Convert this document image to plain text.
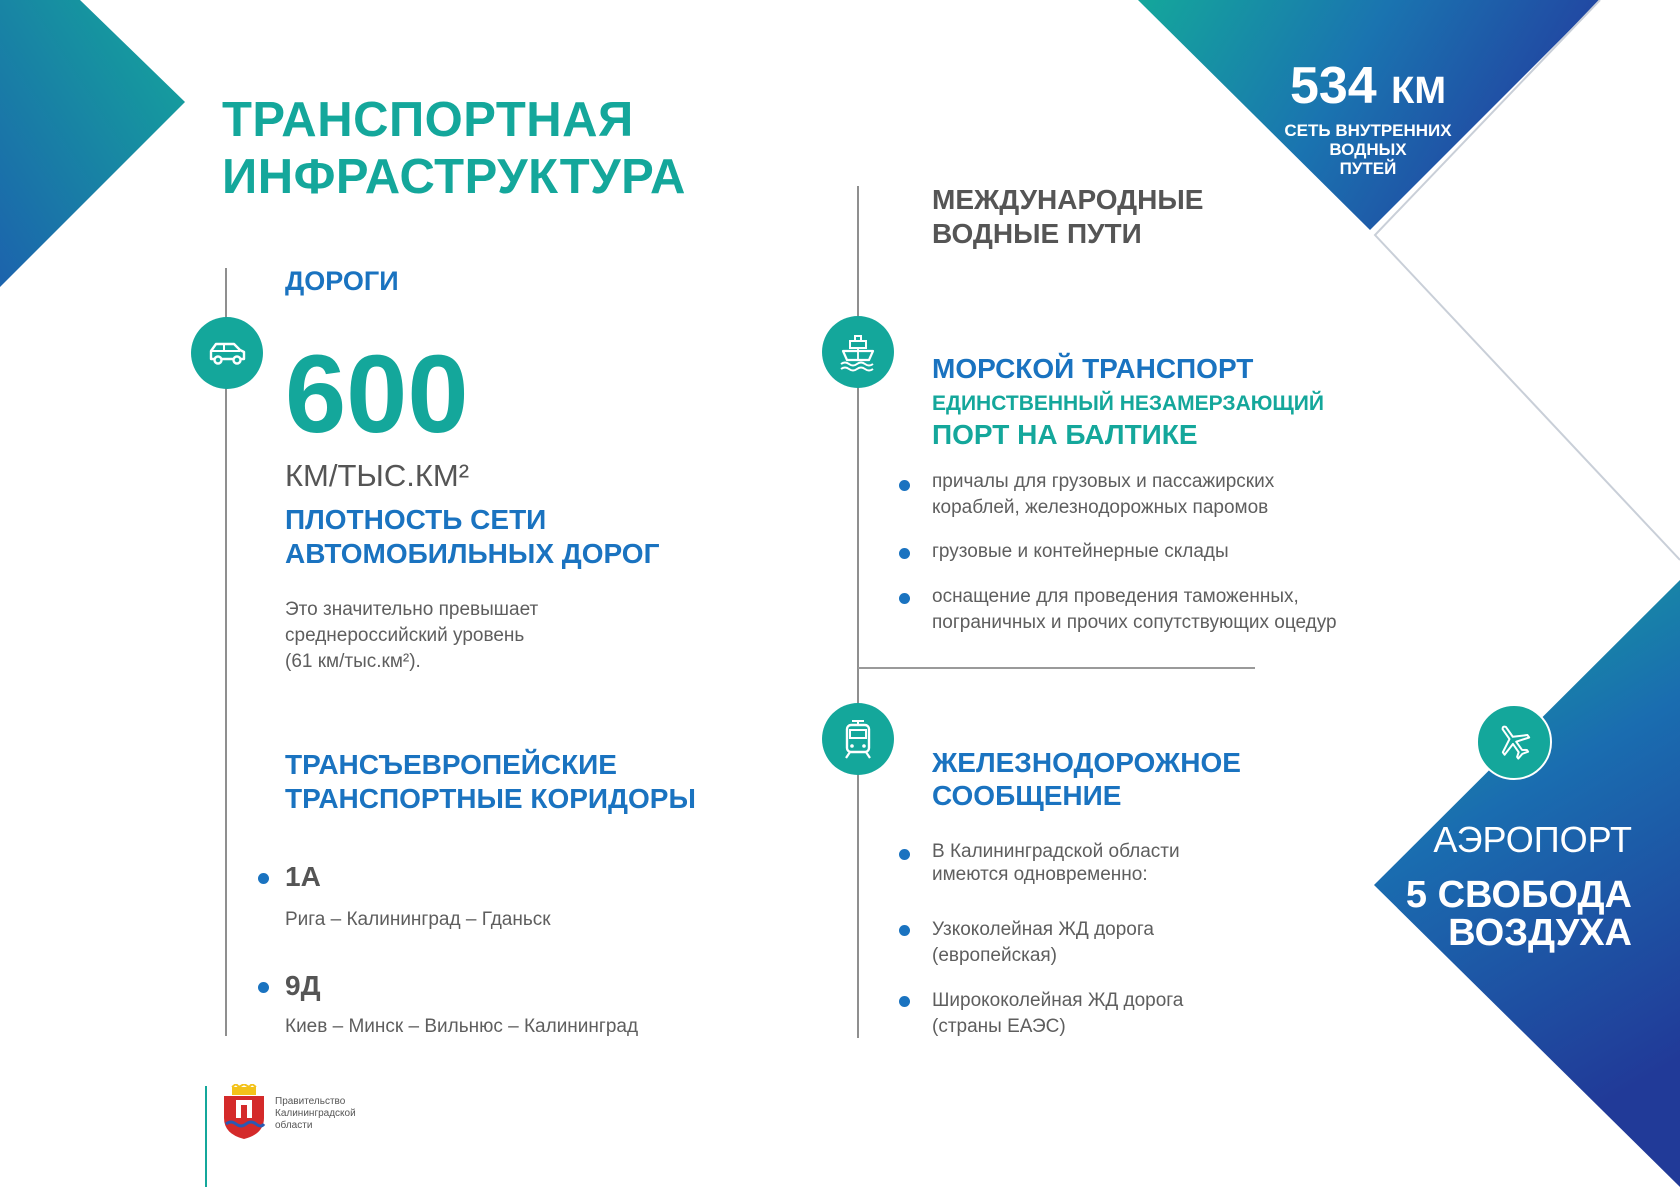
ТРАНСПОРТНАЯ
ИНФРАСТРУКТУРА
534 КМ
СЕТЬ ВНУТРЕННИХ
ВОДНЫХ
ПУТЕЙ
ДОРОГИ
600
КМ/ТЫС.КМ²
ПЛОТНОСТЬ СЕТИ
АВТОМОБИЛЬНЫХ ДОРОГ
Это значительно превышает
среднероссийский уровень
(61 км/тыс.км²).
ТРАНСЪЕВРОПЕЙСКИЕ
ТРАНСПОРТНЫЕ КОРИДОРЫ
1А
Рига – Калининград – Гданьск
9Д
Киев – Минск – Вильнюс – Калининград
МЕЖДУНАРОДНЫЕ
ВОДНЫЕ ПУТИ
МОРСКОЙ ТРАНСПОРТ
ЕДИНСТВЕННЫЙ НЕЗАМЕРЗАЮЩИЙ
ПОРТ НА БАЛТИКЕ
причалы для грузовых и пассажирских
кораблей, железнодорожных паромов
грузовые и контейнерные склады
оснащение для проведения таможенных,
пограничных и прочих сопутствующих оцедур
ЖЕЛЕЗНОДОРОЖНОЕ
СООБЩЕНИЕ
В Калининградской области
имеются одновременно:
Узкоколейная ЖД дорога
(европейская)
Ширококолейная ЖД дорога
(страны ЕАЭС)
АЭРОПОРТ
5 СВОБОДА
ВОЗДУХА
Правительство
Калининградской
области
